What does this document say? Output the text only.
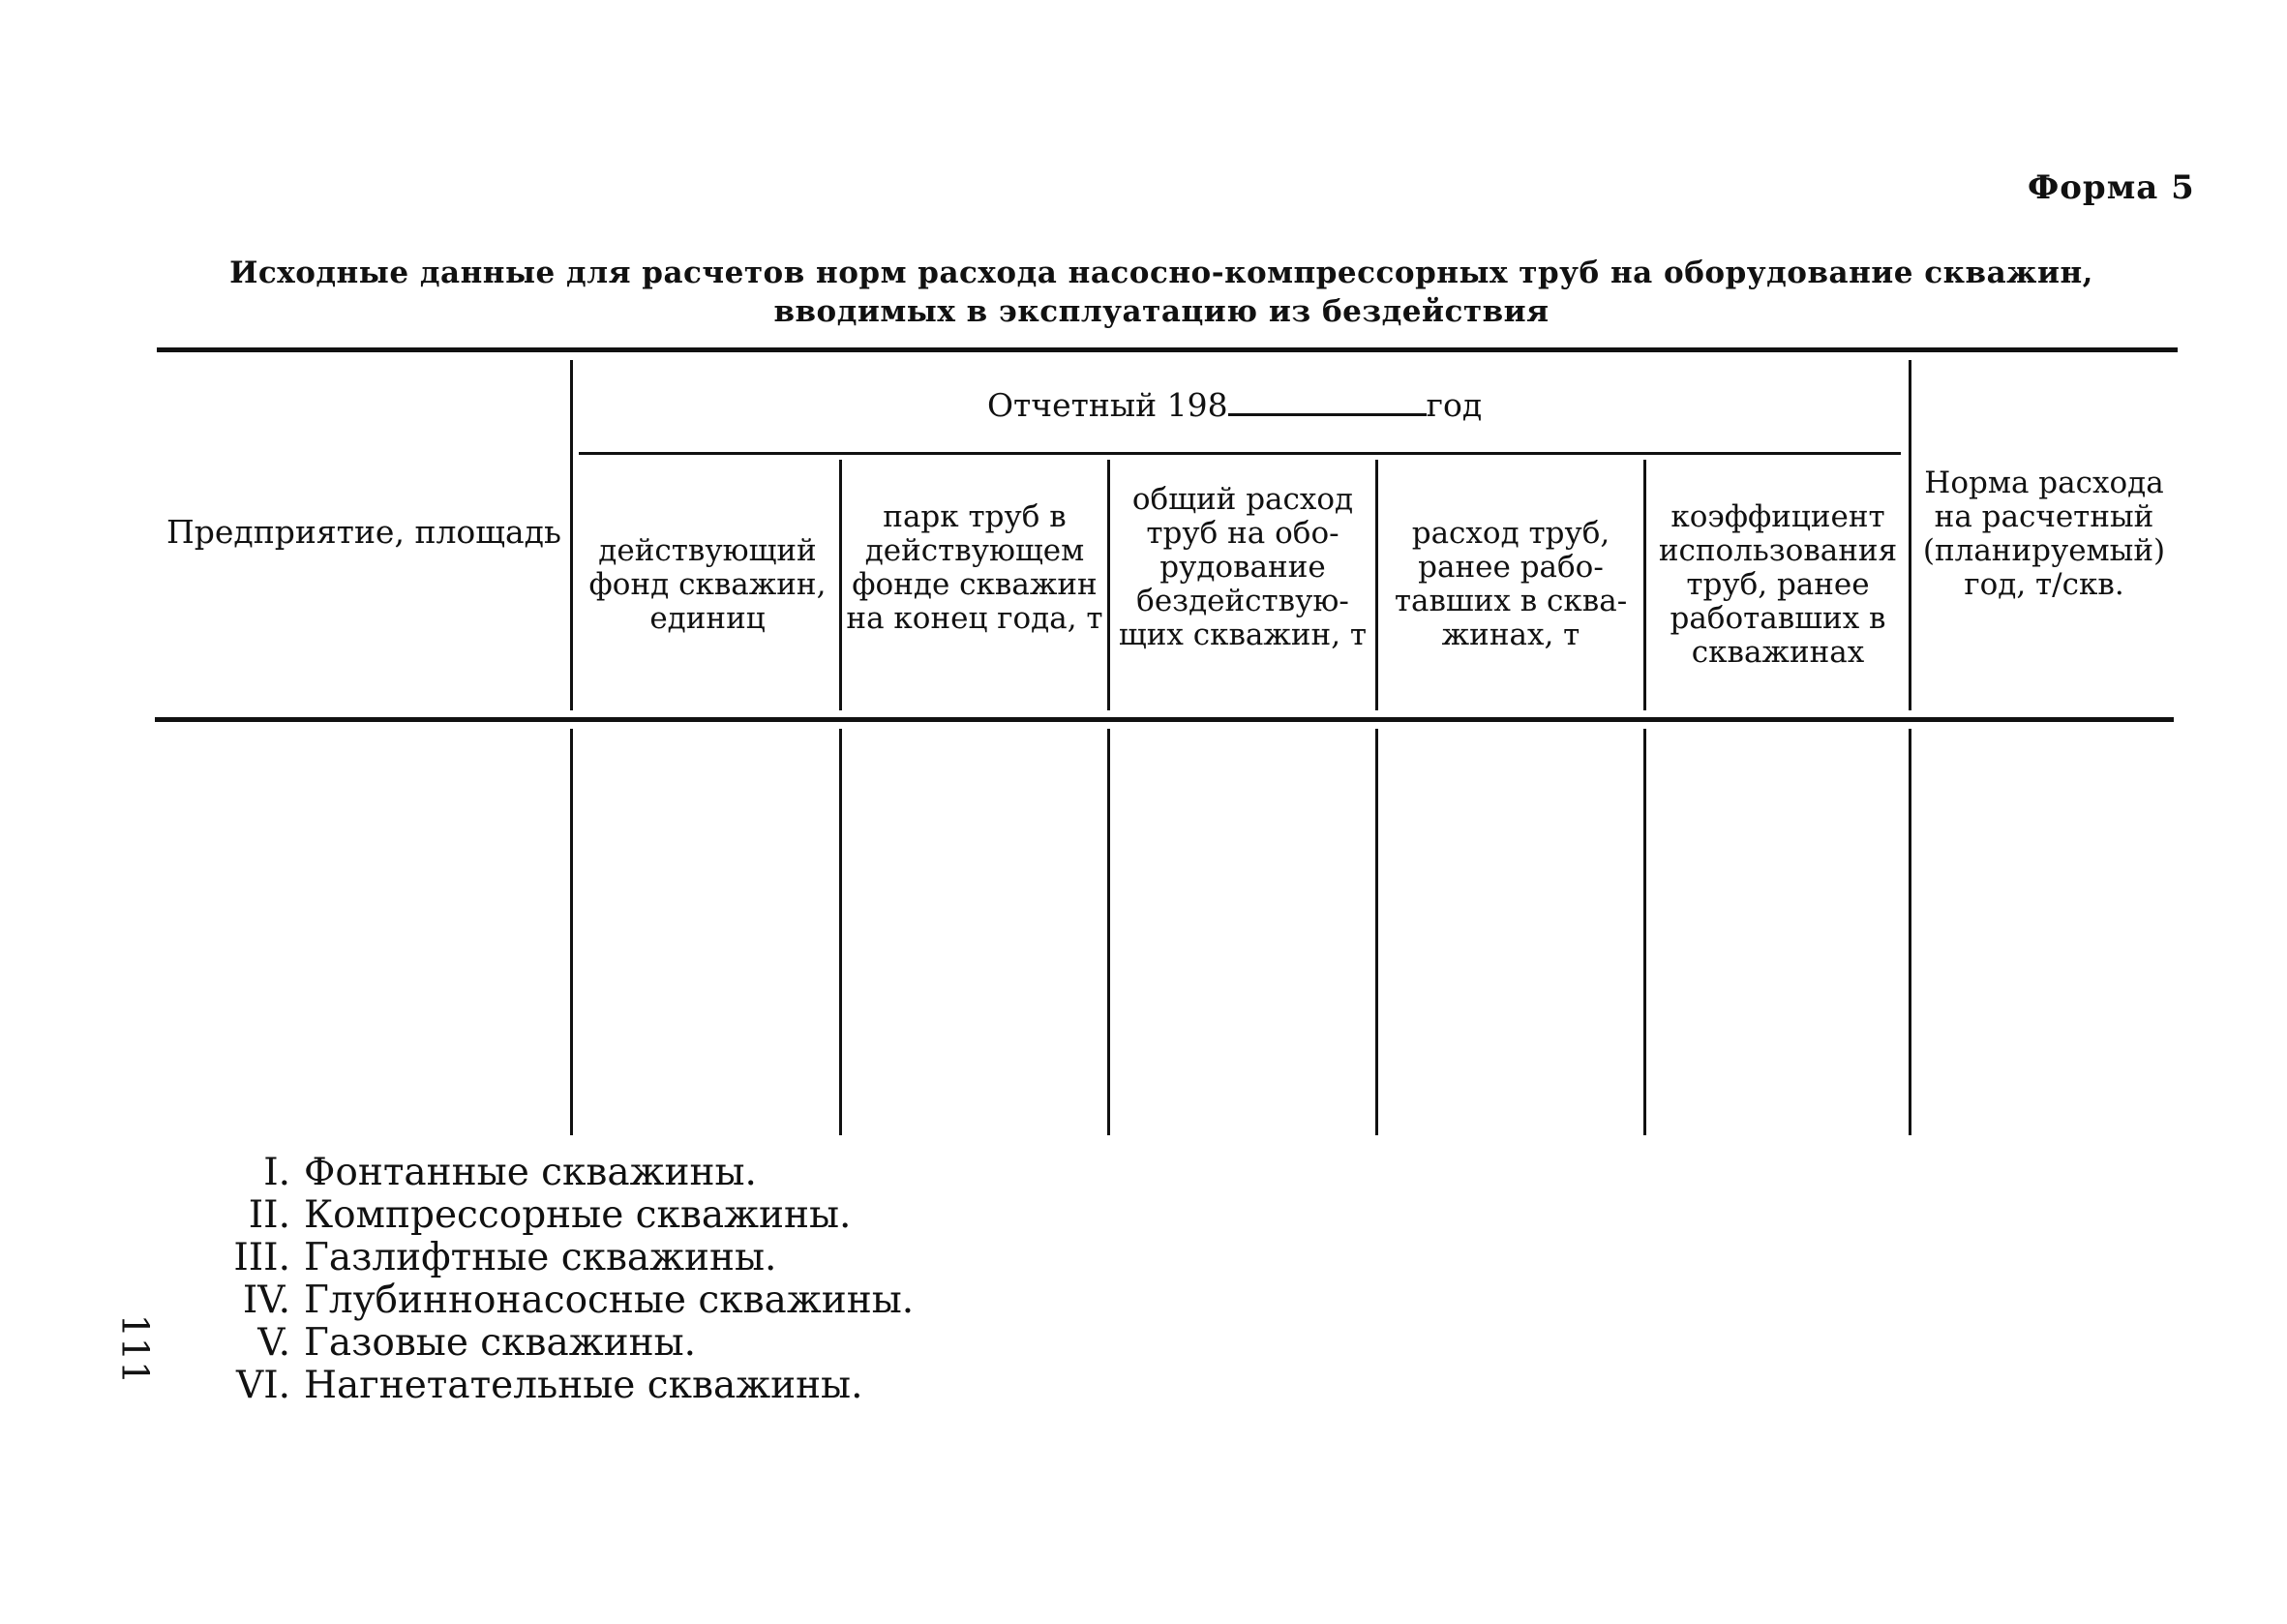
Форма 5
Исходные данные для расчетов норм расхода насосно-компрессорных труб на оборудование скважин,
вводимых в эксплуатацию из бездействия
Предприятие, площадь
Отчетный 198	год
действующий фонд скважин, единиц
парк труб в действующем фонде скважин на конец года, т
общий расход труб на обо-рудование бездействую-щих скважин, т
расход труб, ранее рабо-тавших в сква-жинах, т
коэффициент использования труб, ранее работавших в скважинах
Норма расхода на расчетный (планируемый) год, т/скв.
I. Фонтанные скважины.
II. Компрессорные скважины.
III. Газлифтные скважины.
IV. Глубиннонасосные скважины.
V. Газовые скважины.
VI. Нагнетательные скважины.
111
